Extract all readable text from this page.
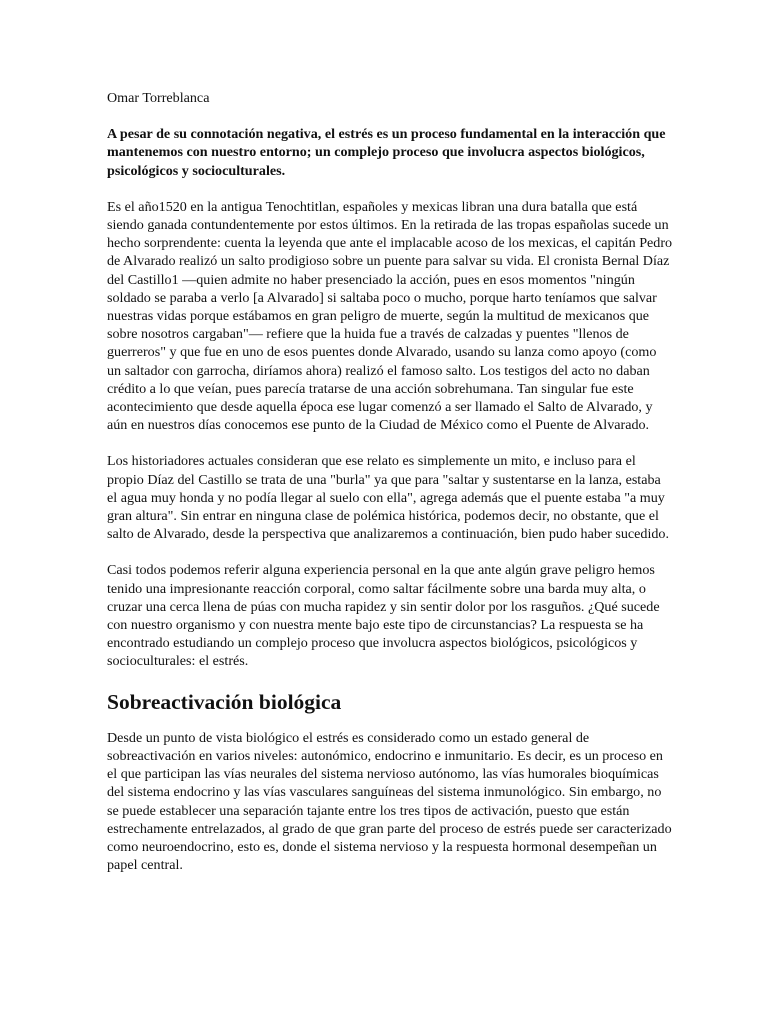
Omar Torreblanca

A pesar de su connotación negativa, el estrés es un proceso fundamental en la interacción que mantenemos con nuestro entorno; un complejo proceso que involucra aspectos biológicos, psicológicos y socioculturales.

Es el año1520 en la antigua Tenochtitlan, españoles y mexicas libran una dura batalla que está siendo ganada contundentemente por estos últimos. En la retirada de las tropas españolas sucede un hecho sorprendente: cuenta la leyenda que ante el implacable acoso de los mexicas, el capitán Pedro de Alvarado realizó un salto prodigioso sobre un puente para salvar su vida. El cronista Bernal Díaz del Castillo1 —quien admite no haber presenciado la acción, pues en esos momentos "ningún soldado se paraba a verlo [a Alvarado] si saltaba poco o mucho, porque harto teníamos que salvar nuestras vidas porque estábamos en gran peligro de muerte, según la multitud de mexicanos que sobre nosotros cargaban"— refiere que la huida fue a través de calzadas y puentes "llenos de guerreros" y que fue en uno de esos puentes donde Alvarado, usando su lanza como apoyo (como un saltador con garrocha, diríamos ahora) realizó el famoso salto. Los testigos del acto no daban crédito a lo que veían, pues parecía tratarse de una acción sobrehumana. Tan singular fue este acontecimiento que desde aquella época ese lugar comenzó a ser llamado el Salto de Alvarado, y aún en nuestros días conocemos ese punto de la Ciudad de México como el Puente de Alvarado.

Los historiadores actuales consideran que ese relato es simplemente un mito, e incluso para el propio Díaz del Castillo se trata de una "burla" ya que para "saltar y sustentarse en la lanza, estaba el agua muy honda y no podía llegar al suelo con ella", agrega además que el puente estaba "a muy gran altura". Sin entrar en ninguna clase de polémica histórica, podemos decir, no obstante, que el salto de Alvarado, desde la perspectiva que analizaremos a continuación, bien pudo haber sucedido.

Casi todos podemos referir alguna experiencia personal en la que ante algún grave peligro hemos tenido una impresionante reacción corporal, como saltar fácilmente sobre una barda muy alta, o cruzar una cerca llena de púas con mucha rapidez y sin sentir dolor por los rasguños. ¿Qué sucede con nuestro organismo y con nuestra mente bajo este tipo de circunstancias? La respuesta se ha encontrado estudiando un complejo proceso que involucra aspectos biológicos, psicológicos y socioculturales: el estrés.

Sobreactivación biológica

Desde un punto de vista biológico el estrés es considerado como un estado general de sobreactivación en varios niveles: autonómico, endocrino e inmunitario. Es decir, es un proceso en el que participan las vías neurales del sistema nervioso autónomo, las vías humorales bioquímicas del sistema endocrino y las vías vasculares sanguíneas del sistema inmunológico. Sin embargo, no se puede establecer una separación tajante entre los tres tipos de activación, puesto que están estrechamente entrelazados, al grado de que gran parte del proceso de estrés puede ser caracterizado como neuroendocrino, esto es, donde el sistema nervioso y la respuesta hormonal desempeñan un papel central.
